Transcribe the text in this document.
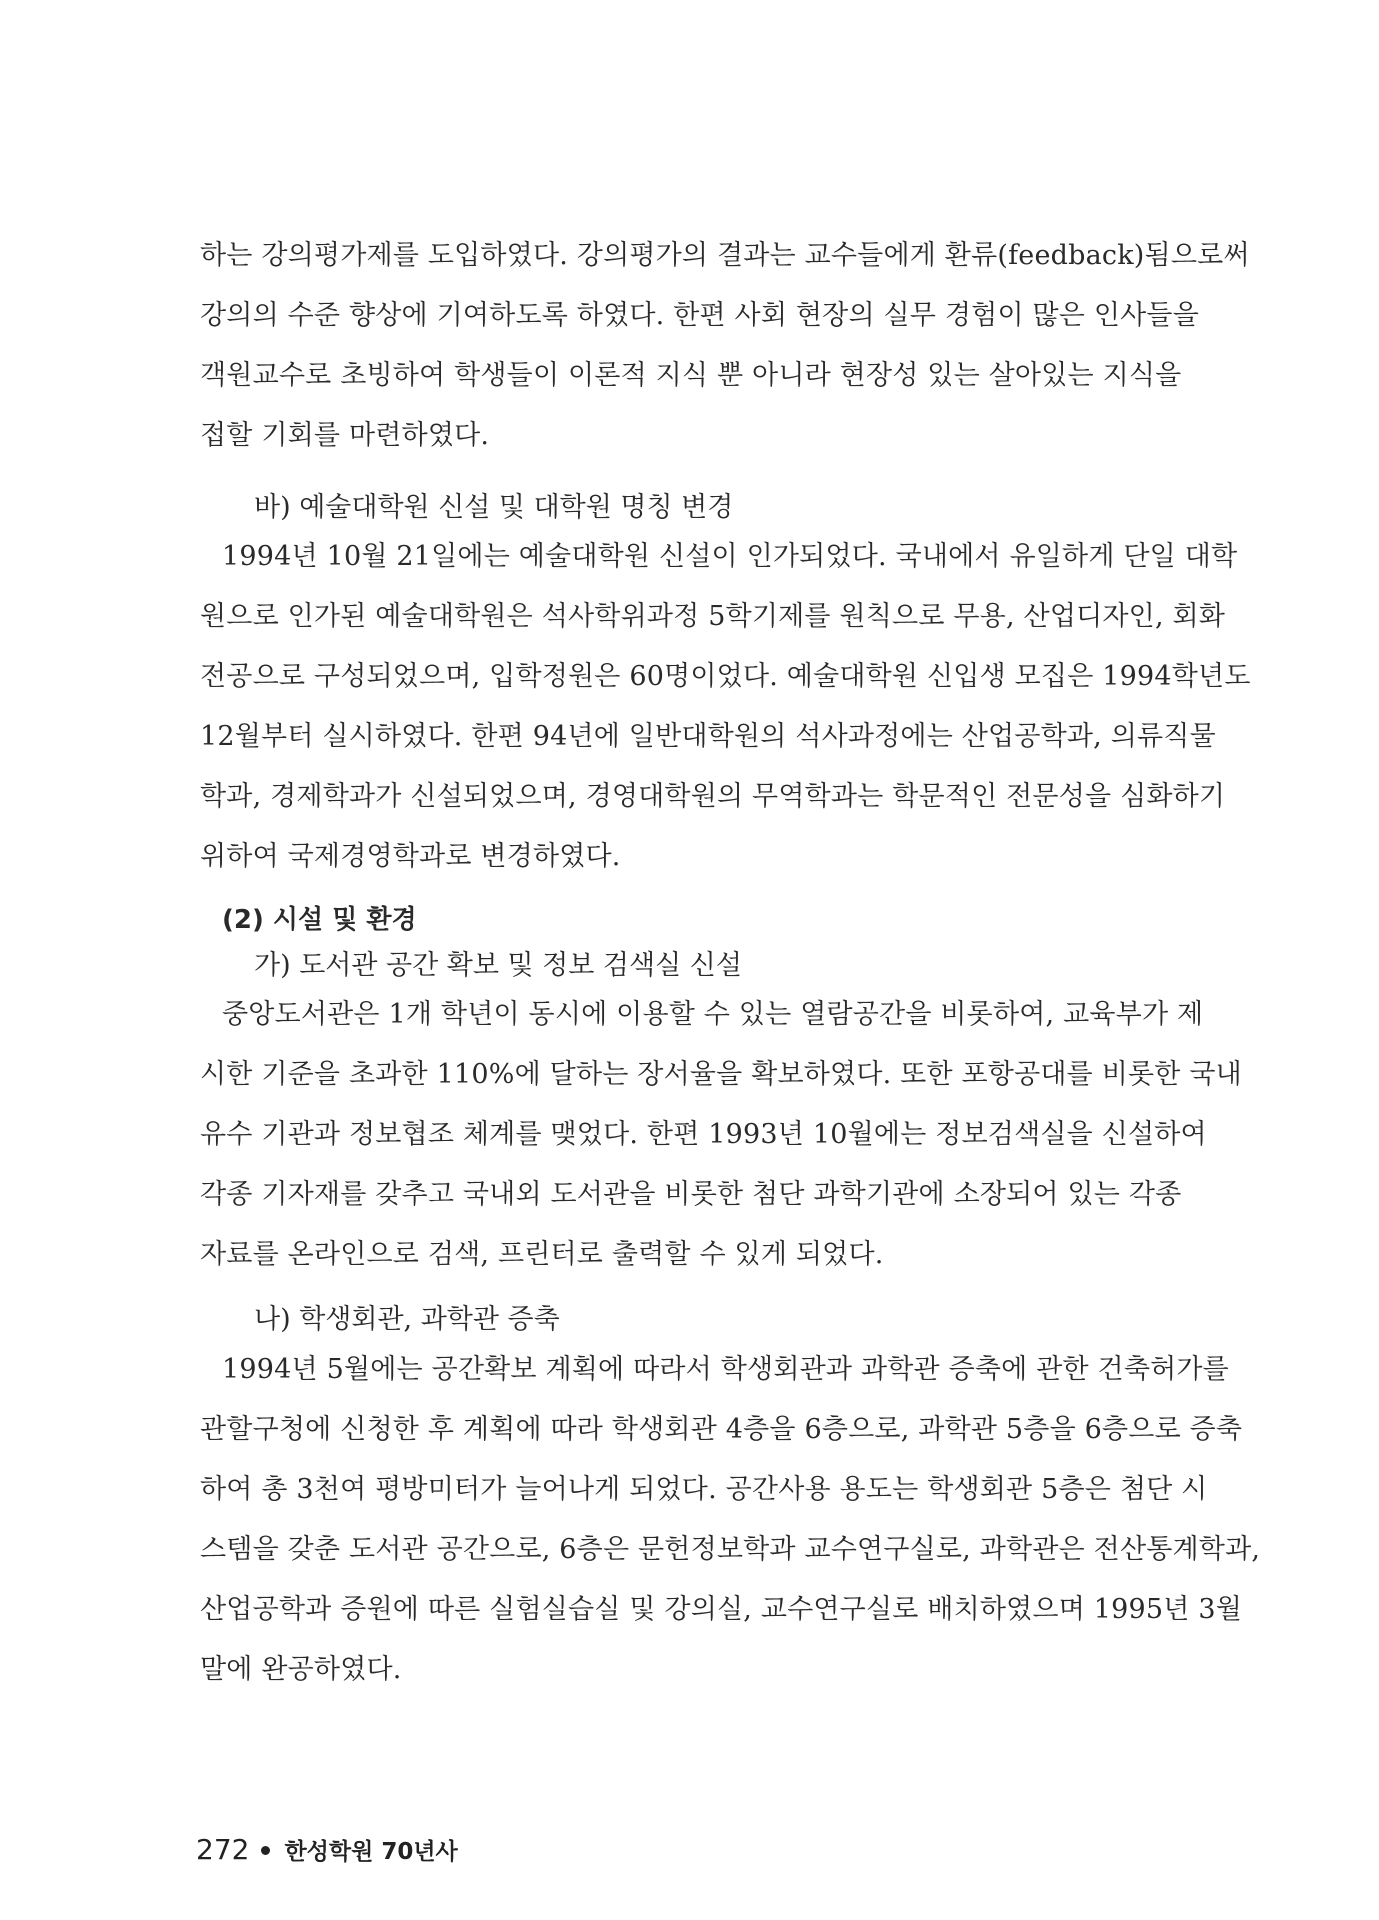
하는 강의평가제를 도입하였다. 강의평가의 결과는 교수들에게 환류(feedback)됨으로써
강의의 수준 향상에 기여하도록 하였다. 한편 사회 현장의 실무 경험이 많은 인사들을
객원교수로 초빙하여 학생들이 이론적 지식 뿐 아니라 현장성 있는 살아있는 지식을
접할 기회를 마련하였다.
바) 예술대학원 신설 및 대학원 명칭 변경
1994년 10월 21일에는 예술대학원 신설이 인가되었다. 국내에서 유일하게 단일 대학
원으로 인가된 예술대학원은 석사학위과정 5학기제를 원칙으로 무용, 산업디자인, 회화
전공으로 구성되었으며, 입학정원은 60명이었다. 예술대학원 신입생 모집은 1994학년도
12월부터 실시하였다. 한편 94년에 일반대학원의 석사과정에는 산업공학과, 의류직물
학과, 경제학과가 신설되었으며, 경영대학원의 무역학과는 학문적인 전문성을 심화하기
위하여 국제경영학과로 변경하였다.
(2) 시설 및 환경
가) 도서관 공간 확보 및 정보 검색실 신설
중앙도서관은 1개 학년이 동시에 이용할 수 있는 열람공간을 비롯하여, 교육부가 제
시한 기준을 초과한 110%에 달하는 장서율을 확보하였다. 또한 포항공대를 비롯한 국내
유수 기관과 정보협조 체계를 맺었다. 한편 1993년 10월에는 정보검색실을 신설하여
각종 기자재를 갖추고 국내외 도서관을 비롯한 첨단 과학기관에 소장되어 있는 각종
자료를 온라인으로 검색, 프린터로 출력할 수 있게 되었다.
나) 학생회관, 과학관 증축
1994년 5월에는 공간확보 계획에 따라서 학생회관과 과학관 증축에 관한 건축허가를
관할구청에 신청한 후 계획에 따라 학생회관 4층을 6층으로, 과학관 5층을 6층으로 증축
하여 총 3천여 평방미터가 늘어나게 되었다. 공간사용 용도는 학생회관 5층은 첨단 시
스템을 갖춘 도서관 공간으로, 6층은 문헌정보학과 교수연구실로, 과학관은 전산통계학과,
산업공학과 증원에 따른 실험실습실 및 강의실, 교수연구실로 배치하였으며 1995년 3월
말에 완공하였다.
272 한성학원 70년사
